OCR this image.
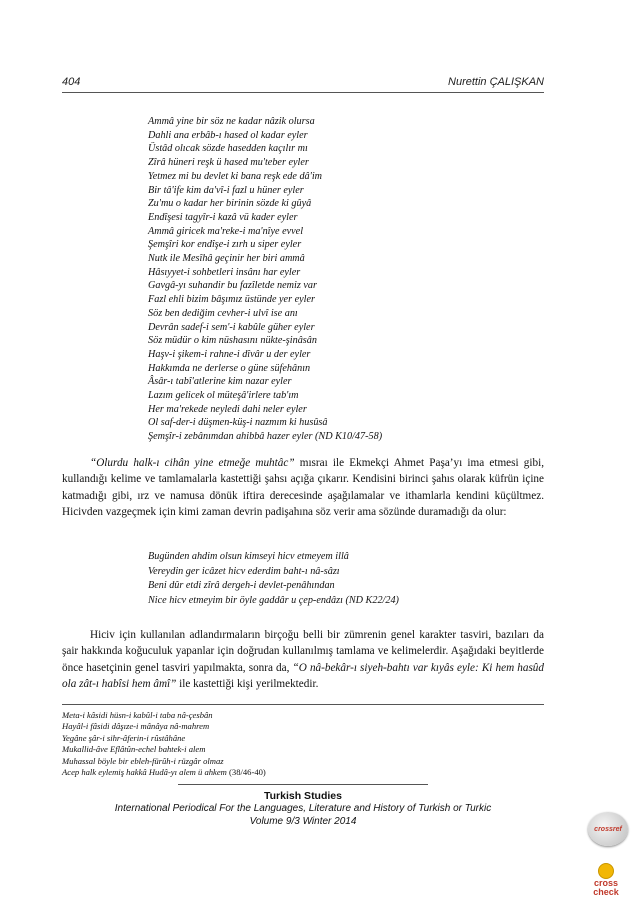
404	Nurettin ÇALIŞKAN
Ammâ yine bir söz ne kadar nâzik olursa
Dahli ana erbâb-ı hased ol kadar eyler
Üstâd olıcak sözde hasedden kaçılır mı
Zîrâ hüneri reşk ü hased mu'teber eyler
Yetmez mi bu devlet ki bana reşk ede dâ'im
Bir tâ'ife kim da'vî-i fazl u hüner eyler
Zu'mu o kadar her birinin sözde ki gûyâ
Endîşesi tagyîr-i kazâ vü kader eyler
Ammâ giricek ma'reke-i ma'nîye evvel
Şemşîri kor endîşe-i zırh u siper eyler
Nutk ile Mesîhâ geçinir her biri ammâ
Hâsıyyet-i sohbetleri insânı har eyler
Gavgâ-yı suhandir bu fazîletde nemiz var
Fazl ehli bizim bâşımız üstünde yer eyler
Söz ben dediğim cevher-i ulvî ise anı
Devrân sadef-i sem'-i kabûle güher eyler
Söz müdür o kim nüshasını nükte-şinâsân
Haşv-i şikem-i rahne-i dîvâr u der eyler
Hakkımda ne derlerse o güne süfehânın
Âsâr-ı tabî'atlerine kim nazar eyler
Lazım gelicek ol müteşâ'irlere tab'ım
Her ma'rekede neyledi dahi neler eyler
Ol saf-der-i düşmen-küş-i nazmım ki husûsâ
Şemşîr-i zebânımdan ahibbâ hazer eyler (ND K10/47-58)
“Olurdu halk-ı cihân yine etmeğe muhtâc” mısraı ile Ekmekçi Ahmet Paşa’yı ima etmesi gibi, kullandığı kelime ve tamlamalarla kastettiği şahsı açığa çıkarır. Kendisini birinci şahıs olarak küfrün içine katmadığı gibi, ırz ve namusa dönük iftira derecesinde aşağılamalar ve ithamlarla kendini küçültmez. Hicivden vazgeçmek için kimi zaman devrin padişahına söz verir ama sözünde duramadığı da olur:
Bugünden ahdim olsun kimseyi hicv etmeyem illâ
Vereydin ger icâzet hicv ederdim baht-ı nâ-sâzı
Beni dûr etdi zîrâ dergeh-i devlet-penâhından
Nice hicv etmeyim bir öyle gaddâr u çep-endâzı (ND K22/24)
Hiciv için kullanılan adlandırmaların birçoğu belli bir zümrenin genel karakter tasviri, bazıları da şair hakkında koğuculuk yapanlar için doğrudan kullanılmış tamlama ve kelimelerdir. Aşağıdaki beyitlerde önce hasetçinin genel tasviri yapılmakta, sonra da, “O nâ-bekâr-ı siyeh-bahtı var kıyâs eyle: Ki hem hasûd ola zât-ı habîsi hem âmî” ile kastettiği kişi yerilmektedir.
Meta-i kâsidi hüsn-i kabûl-i taba nâ-çesbân
Hayâl-i fâsidi dâşıze-i mânâya nâ-mahrem
Yegâne şâr-i sihr-âferin-i rûstâhâne
Mukallid-âve Eflâtûn-echel bahtek-i alem
Muhassal böyle bir ebleh-fürûh-i rüzgâr olmaz
Acep halk eylemiş hakkâ Hudâ-yı alem ü ahkem (38/46-40)
Turkish Studies
International Periodical For the Languages, Literature and History of Turkish or Turkic
Volume 9/3 Winter 2014
crossref
cross check
